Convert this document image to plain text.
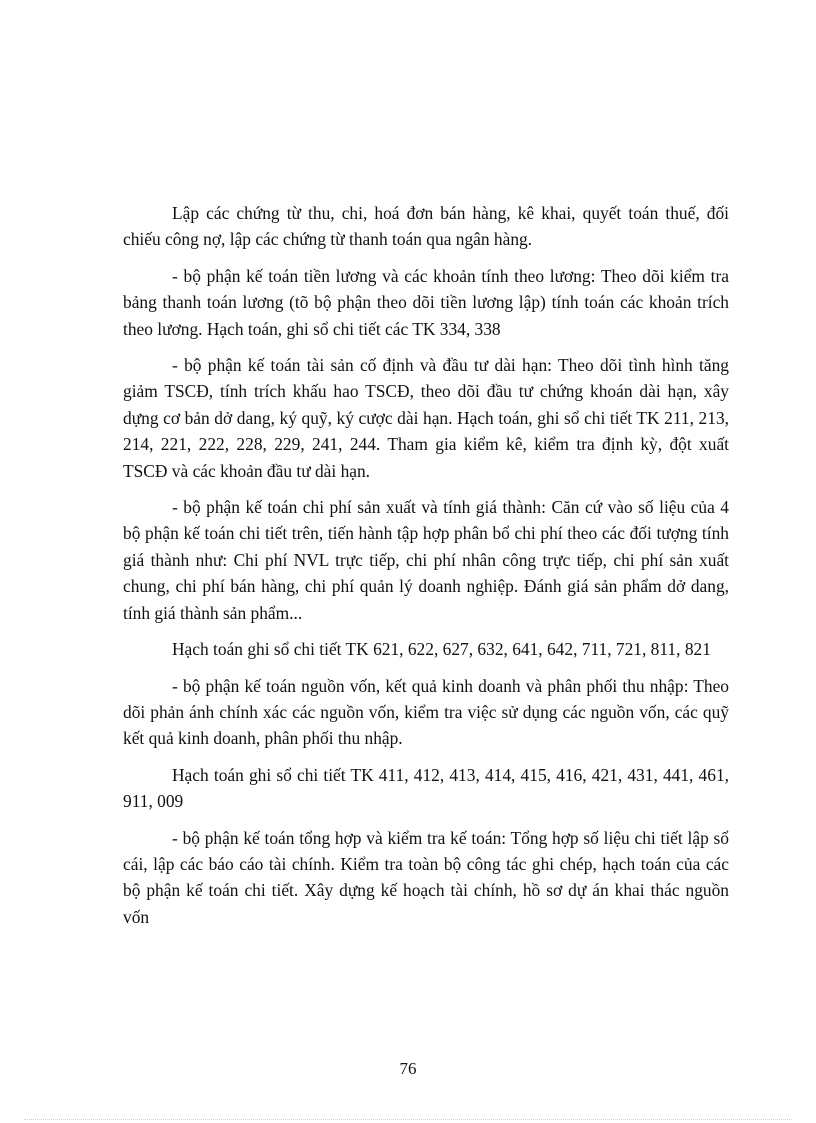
Lập các chứng từ thu, chi, hoá đơn bán hàng, kê khai, quyết toán thuế, đối chiếu công nợ, lập các chứng từ thanh toán qua ngân hàng.

- bộ phận kế toán tiền lương và các khoản tính theo lương: Theo dõi kiểm tra bảng thanh toán lương (tõ bộ phận theo dõi tiền lương lập) tính toán các khoản trích theo lương. Hạch toán, ghi sổ chi tiết các TK 334, 338

- bộ phận kế toán tài sản cố định và đầu tư dài hạn: Theo dõi tình hình tăng giảm TSCĐ, tính trích khấu hao TSCĐ, theo dõi đầu tư chứng khoán dài hạn, xây dựng cơ bản dở dang, ký quỹ, ký cược dài hạn. Hạch toán, ghi sổ chi tiết TK 211, 213, 214, 221, 222, 228, 229, 241, 244. Tham gia kiểm kê, kiểm tra định kỳ, đột xuất TSCĐ và các khoản đầu tư dài hạn.

- bộ phận kế toán chi phí sản xuất và tính giá thành: Căn cứ vào số liệu của 4 bộ phận kế toán chi tiết trên, tiến hành tập hợp phân bổ chi phí theo các đối tượng tính giá thành như: Chi phí NVL trực tiếp, chi phí nhân công trực tiếp, chi phí sản xuất chung, chi phí bán hàng, chi phí quản lý doanh nghiệp. Đánh giá sản phẩm dở dang, tính giá thành sản phẩm...

Hạch toán ghi sổ chi tiết TK 621, 622, 627, 632, 641, 642, 711, 721, 811, 821

- bộ phận kế toán nguồn vốn, kết quả kinh doanh và phân phối thu nhập: Theo dõi phản ánh chính xác các nguồn vốn, kiểm tra việc sử dụng các nguồn vốn, các quỹ kết quả kinh doanh, phân phối thu nhập.

Hạch toán ghi sổ chi tiết TK 411, 412, 413, 414, 415, 416, 421, 431, 441, 461, 911, 009

- bộ phận kế toán tổng hợp và kiểm tra kế toán: Tổng hợp số liệu chi tiết lập sổ cái, lập các báo cáo tài chính. Kiểm tra toàn bộ công tác ghi chép, hạch toán của các bộ phận kế toán chi tiết. Xây dựng kế hoạch tài chính, hồ sơ dự án khai thác nguồn vốn

76
